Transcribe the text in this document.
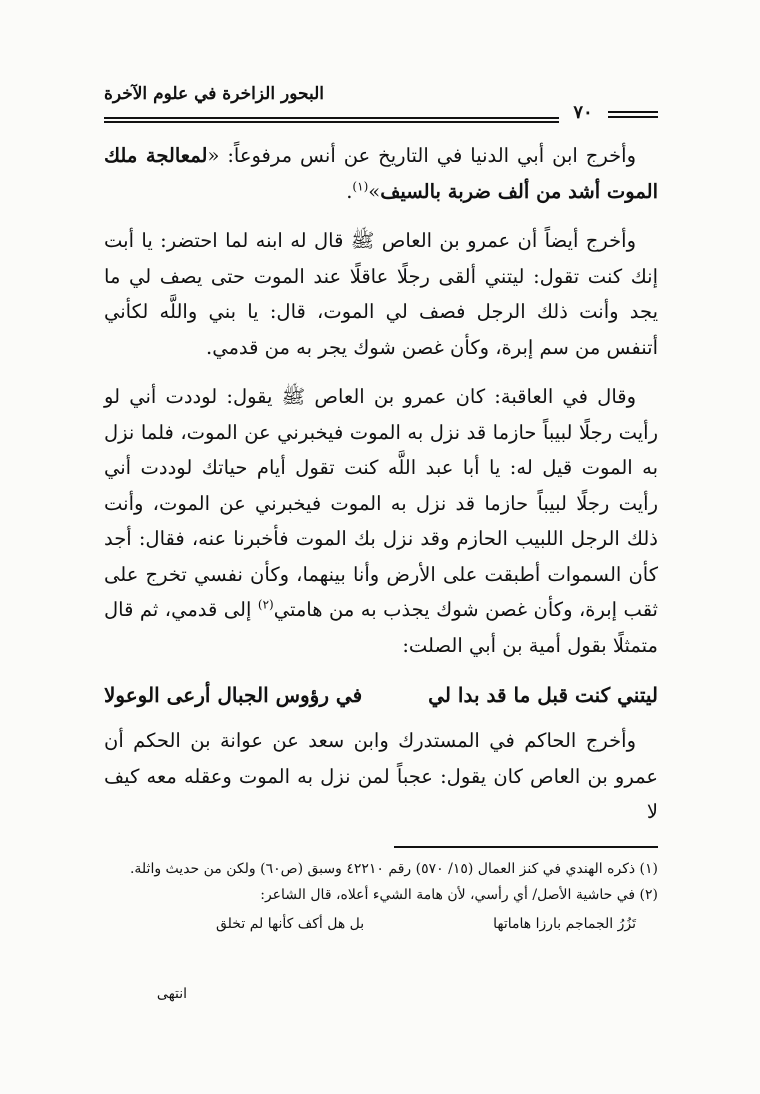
البحور الزاخرة في علوم الآخرة
٧٠

وأخرج ابن أبي الدنيا في التاريخ عن أنس مرفوعاً: «لمعالجة ملك الموت أشد من ألف ضربة بالسيف»$^{(١)}$.

وأخرج أيضاً أن عمرو بن العاص ﷺ قال له ابنه لما احتضر: يا أبت إنك كنت تقول: ليتني ألقى رجلًا عاقلًا عند الموت حتى يصف لي ما يجد وأنت ذلك الرجل فصف لي الموت، قال: يا بني واللَّه لكأني أتنفس من سم إبرة، وكأن غصن شوك يجر به من قدمي.

وقال في العاقبة: كان عمرو بن العاص ﷺ يقول: لوددت أني لو رأيت رجلًا لبيباً حازما قد نزل به الموت فيخبرني عن الموت، فلما نزل به الموت قيل له: يا أبا عبد اللَّه كنت تقول أيام حياتك لوددت أني رأيت رجلًا لبيباً حازما قد نزل به الموت فيخبرني عن الموت، وأنت ذلك الرجل اللبيب الحازم وقد نزل بك الموت فأخبرنا عنه، فقال: أجد كأن السموات أطبقت على الأرض وأنا بينهما، وكأن نفسي تخرج على ثقب إبرة، وكأن غصن شوك يجذب به من هامتي$^{(٢)}$ إلى قدمي، ثم قال متمثلًا بقول أمية بن أبي الصلت:

ليتني كنت قبل ما قد بدا لي
في رؤوس الجبال أرعى الوعولا

وأخرج الحاكم في المستدرك وابن سعد عن عوانة بن الحكم أن عمرو بن العاص كان يقول: عجباً لمن نزل به الموت وعقله معه كيف لا

(١) ذكره الهندي في كنز العمال (١٥/ ٥٧٠) رقم ٤٢٢١٠ وسبق (ص٦٠) ولكن من حديث واثلة.

(٢) في حاشية الأصل/ أي رأسي، لأن هامة الشيء أعلاه، قال الشاعر:

تَزُرُ الجماجم بارزا هاماتها
بل هل أكف كأنها لم تخلق
انتهى
